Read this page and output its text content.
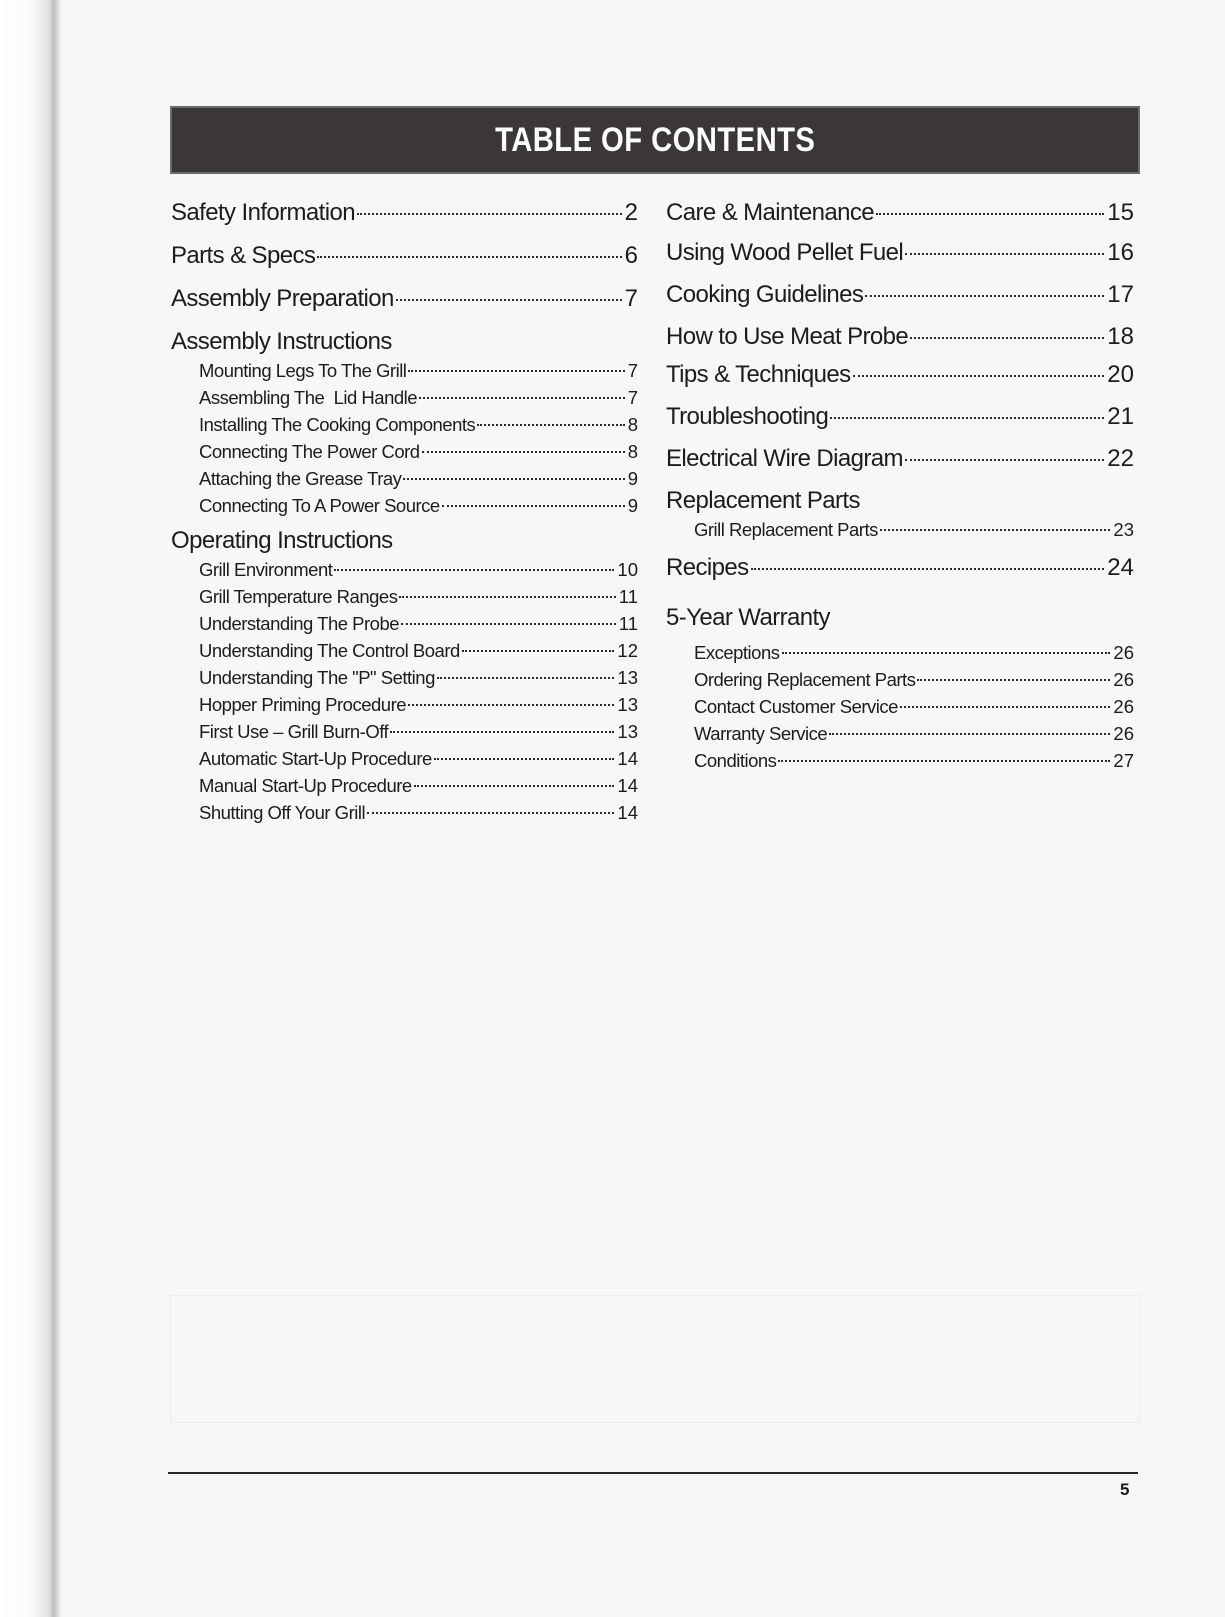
TABLE OF CONTENTS
Safety Information	2
Parts & Specs	6
Assembly Preparation	7
Assembly Instructions
Mounting Legs To The Grill	7
Assembling The  Lid Handle	7
Installing The Cooking Components	8
Connecting The Power Cord	8
Attaching the Grease Tray	9
Connecting To A Power Source	9
Operating Instructions
Grill Environment	10
Grill Temperature Ranges	11
Understanding The Probe	11
Understanding The Control Board	12
Understanding The "P" Setting	13
Hopper Priming Procedure	13
First Use – Grill Burn-Off	13
Automatic Start-Up Procedure	14
Manual Start-Up Procedure	14
Shutting Off Your Grill	14
Care & Maintenance	15
Using Wood Pellet Fuel	16
Cooking Guidelines	17
How to Use Meat Probe	18
Tips & Techniques	20
Troubleshooting	21
Electrical Wire Diagram	22
Replacement Parts
Grill Replacement Parts	23
Recipes	24
5-Year Warranty
Exceptions	26
Ordering Replacement Parts	26
Contact Customer Service	26
Warranty Service	26
Conditions	27
5
